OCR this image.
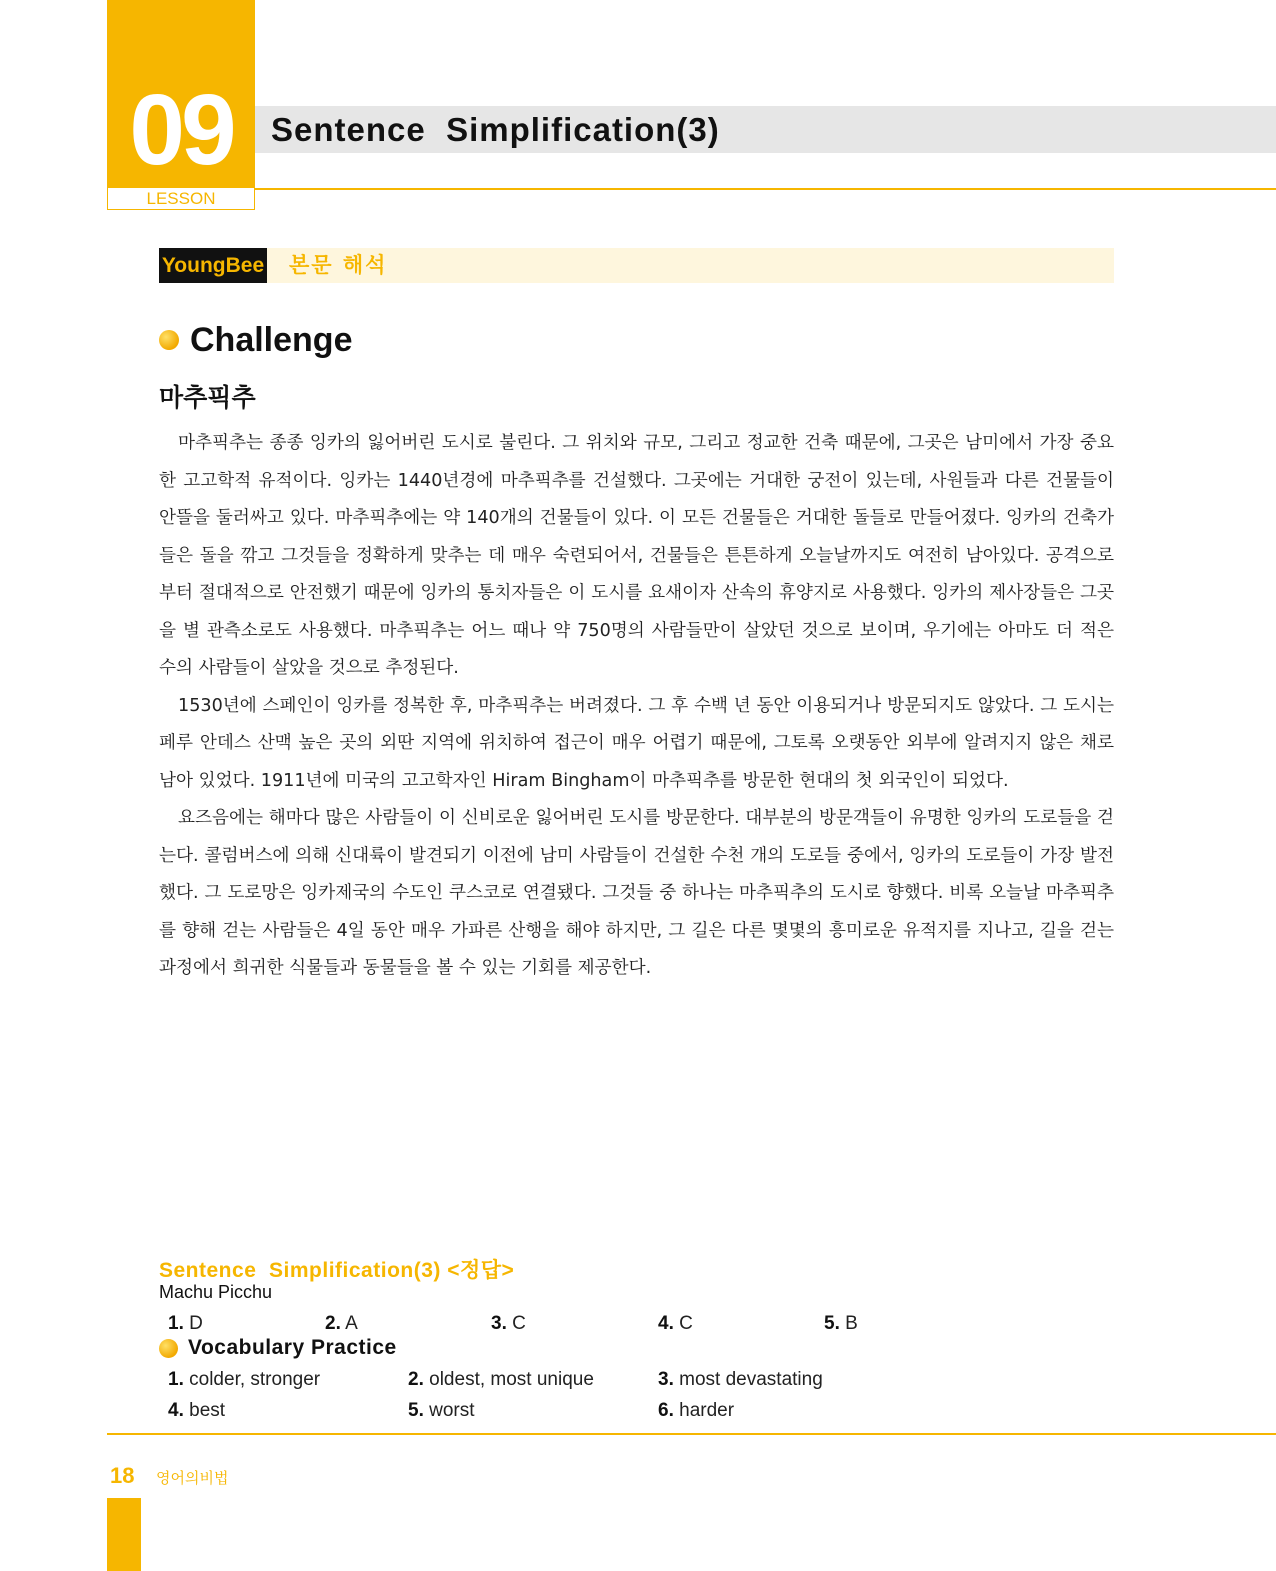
09
LESSON
Sentence  Simplification(3)
YoungBee 본문 해석
Challenge
마추픽추

마추픽추는 종종 잉카의 잃어버린 도시로 불린다. 그 위치와 규모, 그리고 정교한 건축 때문에, 그곳은 남미에서 가장 중요한 고고학적 유적이다. 잉카는 1440년경에 마추픽추를 건설했다. 그곳에는 거대한 궁전이 있는데, 사원들과 다른 건물들이 안뜰을 둘러싸고 있다. 마추픽추에는 약 140개의 건물들이 있다. 이 모든 건물들은 거대한 돌들로 만들어졌다. 잉카의 건축가들은 돌을 깎고 그것들을 정확하게 맞추는 데 매우 숙련되어서, 건물들은 튼튼하게 오늘날까지도 여전히 남아있다. 공격으로부터 절대적으로 안전했기 때문에 잉카의 통치자들은 이 도시를 요새이자 산속의 휴양지로 사용했다. 잉카의 제사장들은 그곳을 별 관측소로도 사용했다. 마추픽추는 어느 때나 약 750명의 사람들만이 살았던 것으로 보이며, 우기에는 아마도 더 적은 수의 사람들이 살았을 것으로 추정된다.

1530년에 스페인이 잉카를 정복한 후, 마추픽추는 버려졌다. 그 후 수백 년 동안 이용되거나 방문되지도 않았다. 그 도시는 페루 안데스 산맥 높은 곳의 외딴 지역에 위치하여 접근이 매우 어렵기 때문에, 그토록 오랫동안 외부에 알려지지 않은 채로 남아 있었다. 1911년에 미국의 고고학자인 Hiram Bingham이 마추픽추를 방문한 현대의 첫 외국인이 되었다.

요즈음에는 해마다 많은 사람들이 이 신비로운 잃어버린 도시를 방문한다. 대부분의 방문객들이 유명한 잉카의 도로들을 걷는다. 콜럼버스에 의해 신대륙이 발견되기 이전에 남미 사람들이 건설한 수천 개의 도로들 중에서, 잉카의 도로들이 가장 발전했다. 그 도로망은 잉카제국의 수도인 쿠스코로 연결됐다. 그것들 중 하나는 마추픽추의 도시로 향했다. 비록 오늘날 마추픽추를 향해 걷는 사람들은 4일 동안 매우 가파른 산행을 해야 하지만, 그 길은 다른 몇몇의 흥미로운 유적지를 지나고, 길을 걷는 과정에서 희귀한 식물들과 동물들을 볼 수 있는 기회를 제공한다.

Sentence  Simplification(3) <정답>
Machu Picchu
1. D	2. A	3. C	4. C	5. B
Vocabulary Practice
1. colder, stronger	2. oldest, most unique	3. most devastating
4. best	5. worst	6. harder
18 영어의비법
